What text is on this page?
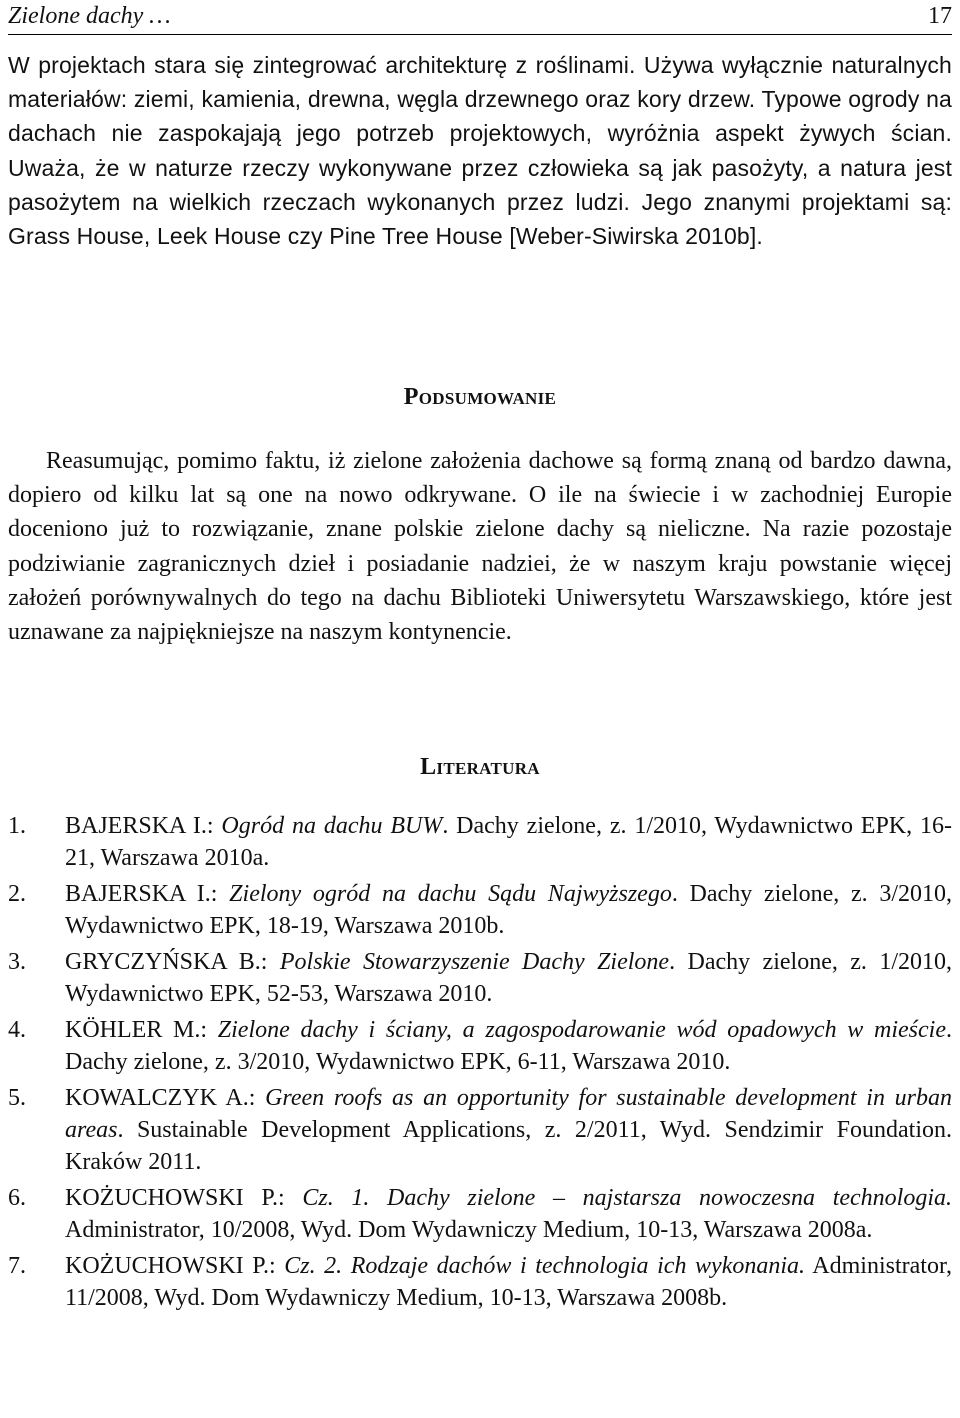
Zielone dachy …	17

W projektach stara się zintegrować architekturę z roślinami. Używa wyłącznie naturalnych materiałów: ziemi, kamienia, drewna, węgla drzewnego oraz kory drzew. Typowe ogrody na dachach nie zaspokajają jego potrzeb projektowych, wyróżnia aspekt żywych ścian. Uważa, że w naturze rzeczy wykonywane przez człowieka są jak pasożyty, a natura jest pasożytem na wielkich rzeczach wykonanych przez ludzi. Jego znanymi projektami są: Grass House, Leek House czy Pine Tree House [Weber-Siwirska 2010b].

Podsumowanie

Reasumując, pomimo faktu, iż zielone założenia dachowe są formą znaną od bardzo dawna, dopiero od kilku lat są one na nowo odkrywane. O ile na świecie i w zachodniej Europie doceniono już to rozwiązanie, znane polskie zielone dachy są nieliczne. Na razie pozostaje podziwianie zagranicznych dzieł i posiadanie nadziei, że w naszym kraju powstanie więcej założeń porównywalnych do tego na dachu Biblioteki Uniwersytetu Warszawskiego, które jest uznawane za najpiękniejsze na naszym kontynencie.

Literatura
1. BAJERSKA I.: Ogród na dachu BUW. Dachy zielone, z. 1/2010, Wydawnictwo EPK, 16-21, Warszawa 2010a.
2. BAJERSKA I.: Zielony ogród na dachu Sądu Najwyższego. Dachy zielone, z. 3/2010, Wydawnictwo EPK, 18-19, Warszawa 2010b.
3. GRYCZYŃSKA B.: Polskie Stowarzyszenie Dachy Zielone. Dachy zielone, z. 1/2010, Wydawnictwo EPK, 52-53, Warszawa 2010.
4. KÖHLER M.: Zielone dachy i ściany, a zagospodarowanie wód opadowych w mieście. Dachy zielone, z. 3/2010, Wydawnictwo EPK, 6-11, Warszawa 2010.
5. KOWALCZYK A.: Green roofs as an opportunity for sustainable development in urban areas. Sustainable Development Applications, z. 2/2011, Wyd. Sendzimir Foundation. Kraków 2011.
6. KOŻUCHOWSKI P.: Cz. 1. Dachy zielone – najstarsza nowoczesna technologia. Administrator, 10/2008, Wyd. Dom Wydawniczy Medium, 10-13, Warszawa 2008a.
7. KOŻUCHOWSKI P.: Cz. 2. Rodzaje dachów i technologia ich wykonania. Administrator, 11/2008, Wyd. Dom Wydawniczy Medium, 10-13, Warszawa 2008b.
